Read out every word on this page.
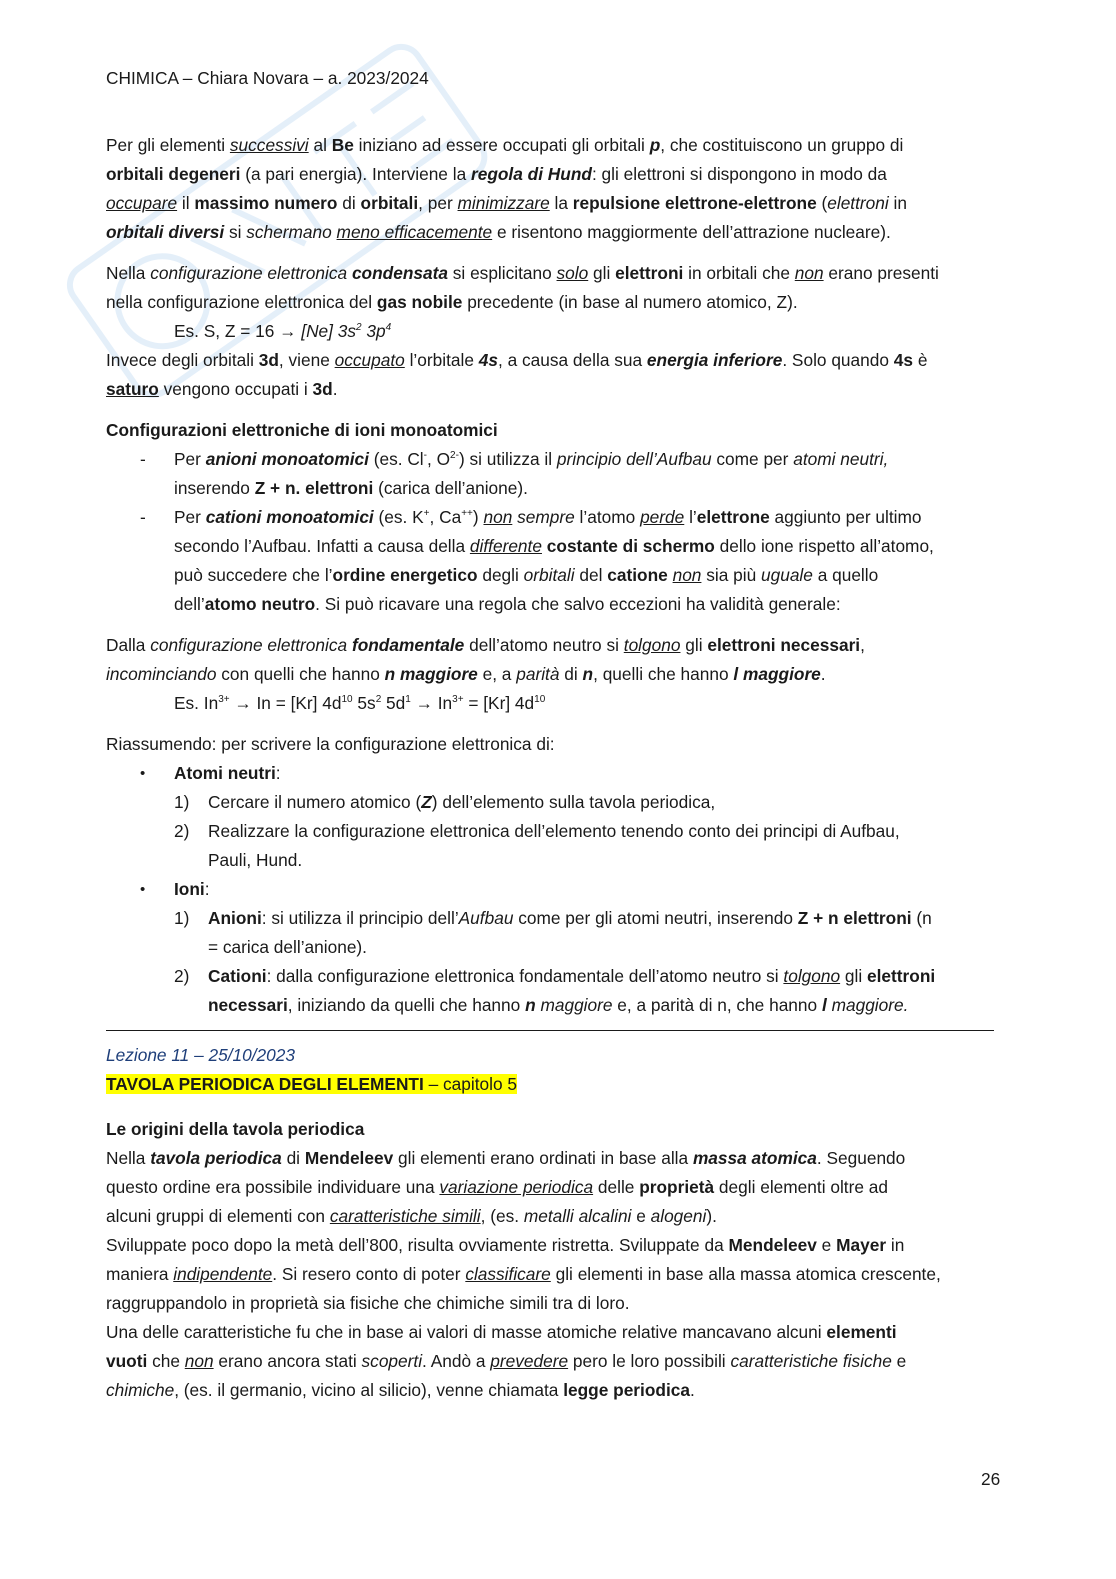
CHIMICA – Chiara Novara – a. 2023/2024

Per gli elementi successivi al Be iniziano ad essere occupati gli orbitali p, che costituiscono un gruppo di
orbitali degeneri (a pari energia). Interviene la regola di Hund: gli elettroni si dispongono in modo da
occupare il massimo numero di orbitali, per minimizzare la repulsione elettrone-elettrone (elettroni in
orbitali diversi si schermano meno efficacemente e risentono maggiormente dell’attrazione nucleare).

Nella configurazione elettronica condensata si esplicitano solo gli elettroni in orbitali che non erano presenti
nella configurazione elettronica del gas nobile precedente (in base al numero atomico, Z).

Es. S, Z = 16 → [Ne] $3s^2$ $3p^4$

Invece degli orbitali 3d, viene occupato l’orbitale 4s, a causa della sua energia inferiore. Solo quando 4s è
saturo vengono occupati i 3d.

Configurazioni elettroniche di ioni monoatomici

- Per anioni monoatomici (es. Cl-, $O^{2-}$) si utilizza il principio dell’Aufbau come per atomi neutri,
inserendo Z + n. elettroni (carica dell’anione).
- Per cationi monoatomici (es. K+, Ca++) non sempre l’atomo perde l’elettrone aggiunto per ultimo
secondo l’Aufbau. Infatti a causa della differente costante di schermo dello ione rispetto all’atomo,
può succedere che l’ordine energetico degli orbitali del catione non sia più uguale a quello
dell’atomo neutro. Si può ricavare una regola che salvo eccezioni ha validità generale:

Dalla configurazione elettronica fondamentale dell’atomo neutro si tolgono gli elettroni necessari,
incominciando con quelli che hanno n maggiore e, a parità di n, quelli che hanno l maggiore.

Es. $In^{3+} \to In = [Kr]$ $4d^{10}$ $5s^2$ $5d^1 \to In^{3+} = [Kr]$ $4d^{10}$

Riassumendo: per scrivere la configurazione elettronica di:

• Atomi neutri:
1) Cercare il numero atomico (Z) dell’elemento sulla tavola periodica,
2) Realizzare la configurazione elettronica dell’elemento tenendo conto dei principi di Aufbau,
Pauli, Hund.
• Ioni:
1) Anioni: si utilizza il principio dell’Aufbau come per gli atomi neutri, inserendo Z + n elettroni (n
= carica dell’anione).
2) Cationi: dalla configurazione elettronica fondamentale dell’atomo neutro si tolgono gli elettroni
necessari, iniziando da quelli che hanno n maggiore e, a parità di n, che hanno l maggiore.

Lezione 11 – 25/10/2023

TAVOLA PERIODICA DEGLI ELEMENTI – capitolo 5

Le origini della tavola periodica

Nella tavola periodica di Mendeleev gli elementi erano ordinati in base alla massa atomica. Seguendo
questo ordine era possibile individuare una variazione periodica delle proprietà degli elementi oltre ad
alcuni gruppi di elementi con caratteristiche simili, (es. metalli alcalini e alogeni).

Sviluppate poco dopo la metà dell’800, risulta ovviamente ristretta. Sviluppate da Mendeleev e Mayer in
maniera indipendente. Si resero conto di poter classificare gli elementi in base alla massa atomica crescente,
raggruppandolo in proprietà sia fisiche che chimiche simili tra di loro.

Una delle caratteristiche fu che in base ai valori di masse atomiche relative mancavano alcuni elementi
vuoti che non erano ancora stati scoperti. Andò a prevedere pero le loro possibili caratteristiche fisiche e
chimiche, (es. il germanio, vicino al silicio), venne chiamata legge periodica.

26
